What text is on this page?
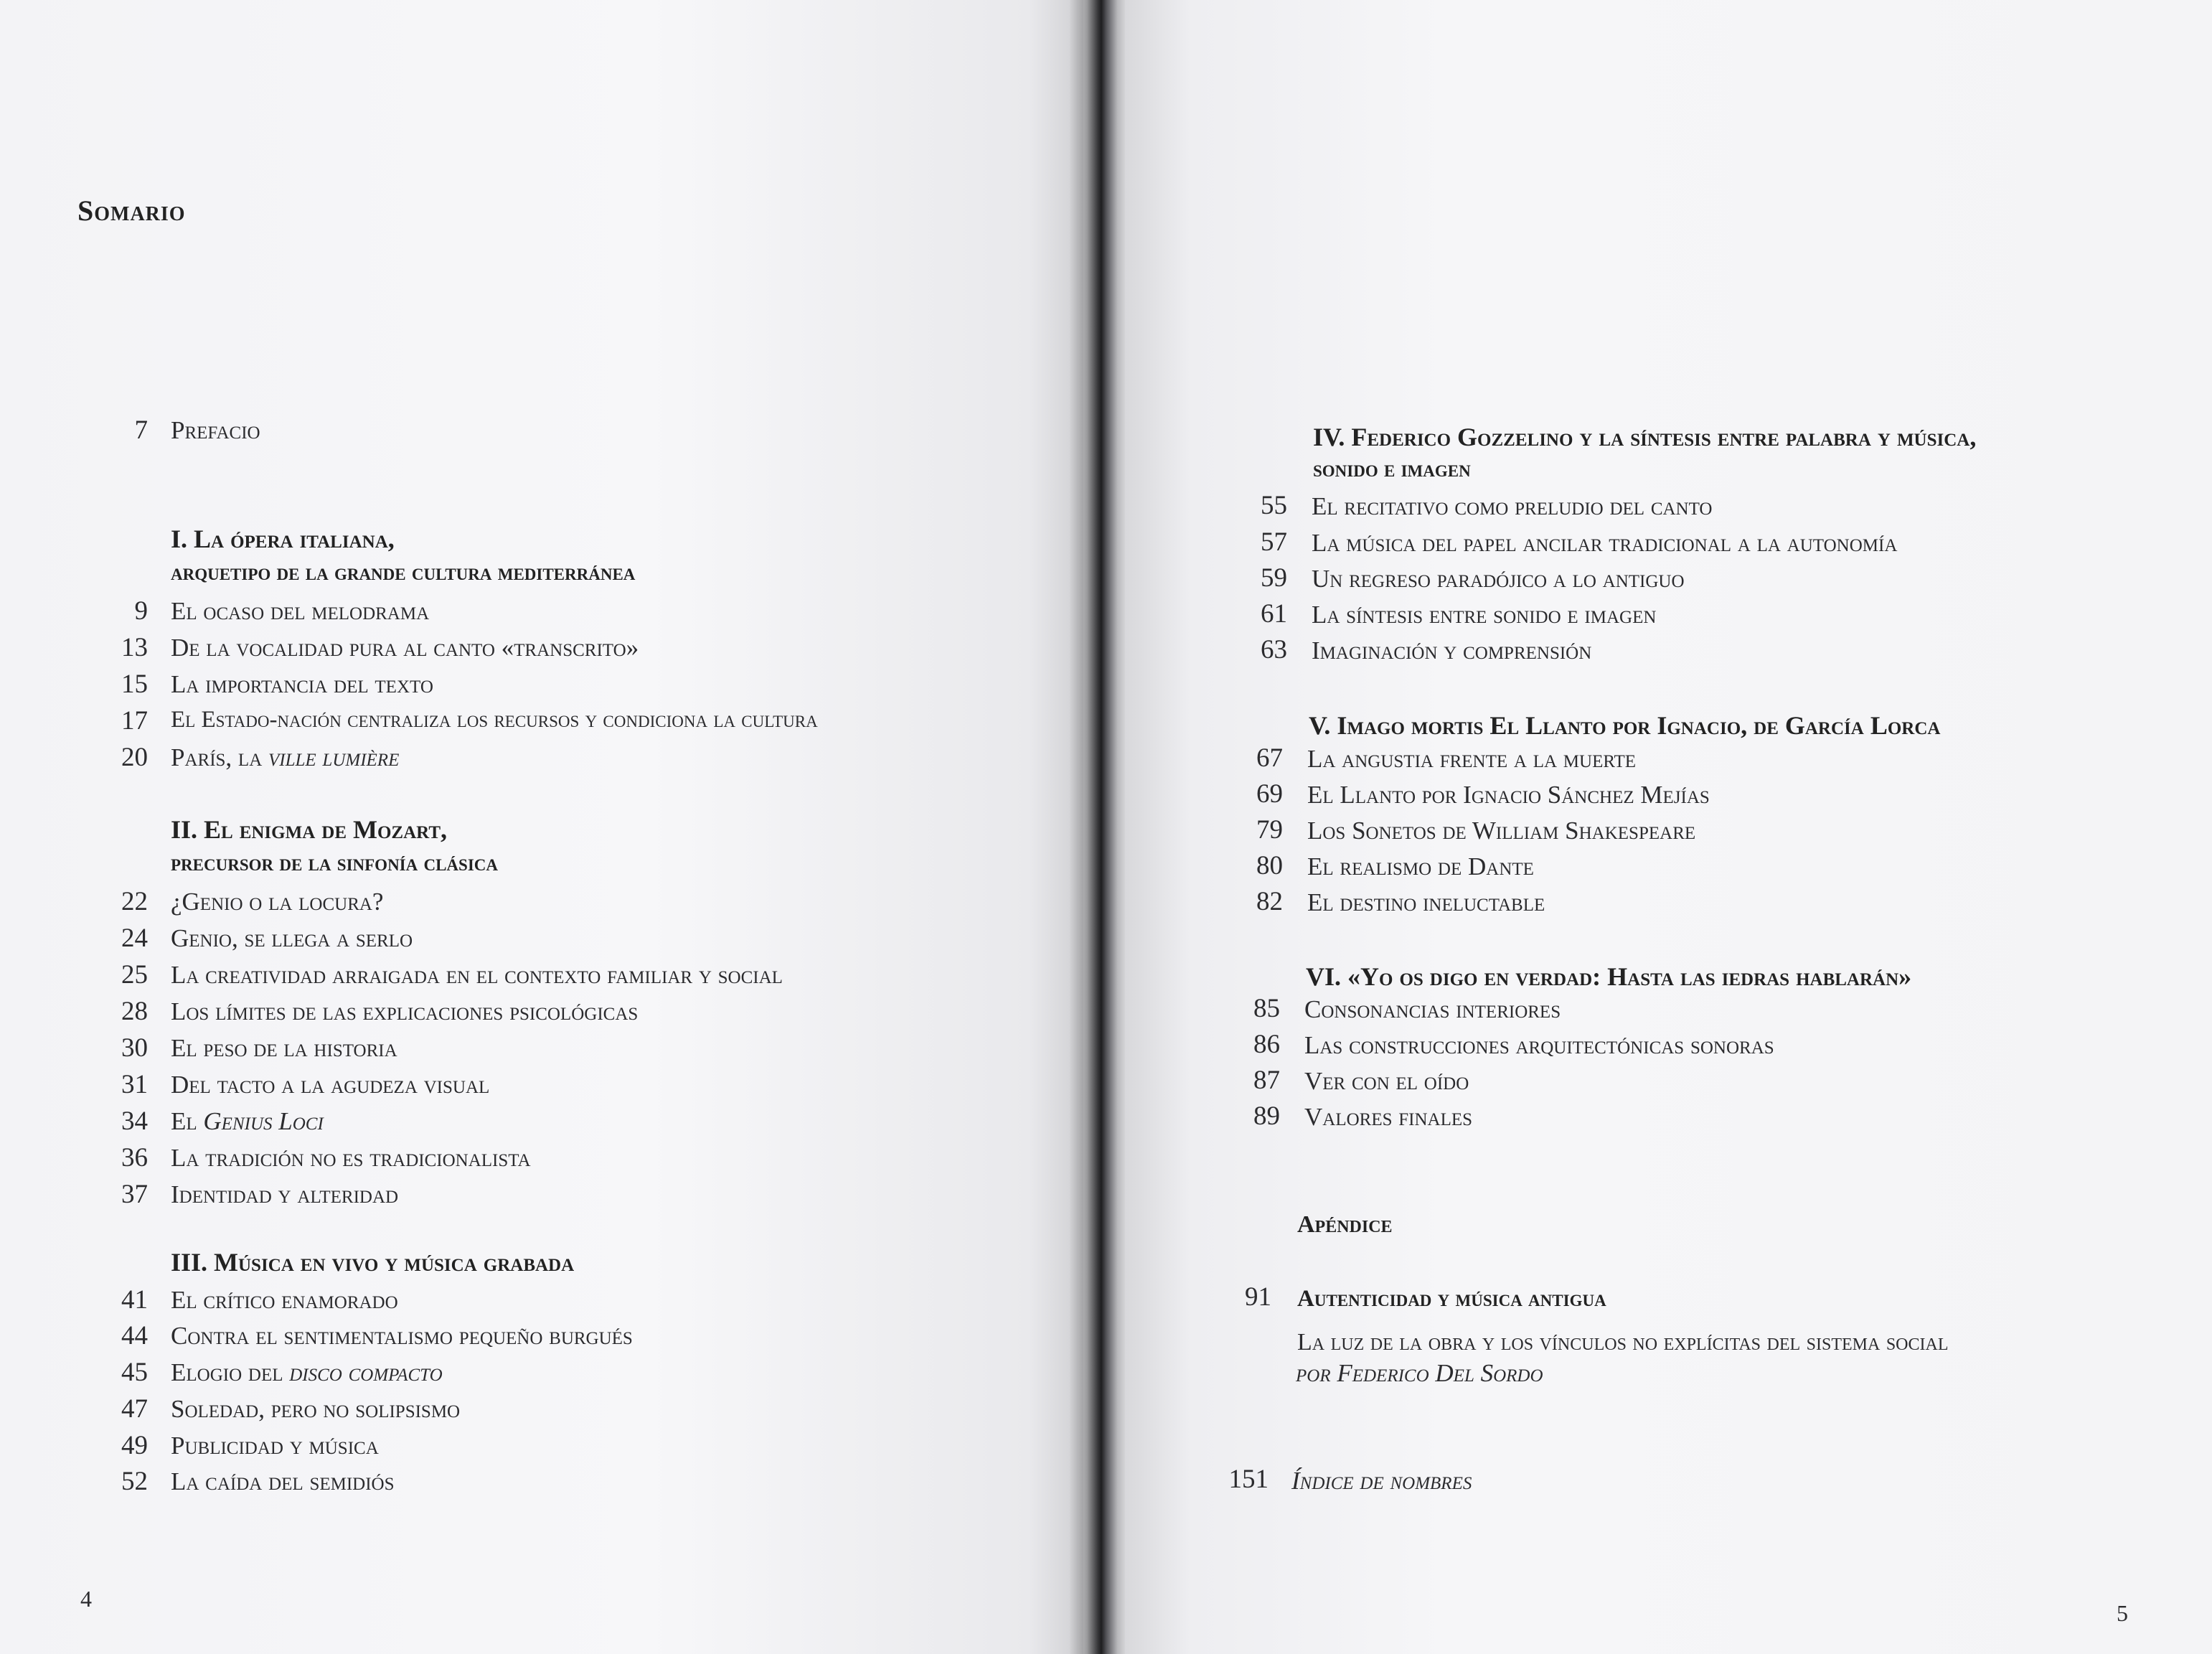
Somario
7 Prefacio
I. La ópera italiana,
arquetipo de la grande cultura mediterránea
9 El ocaso del melodrama
13 De la vocalidad pura al canto «transcrito»
15 La importancia del texto
17 El Estado-nación centraliza los recursos y condiciona la cultura
20 París, la ville lumière
II. El enigma de Mozart,
precursor de la sinfonía clásica
22 ¿Genio o la locura?
24 Genio, se llega a serlo
25 La creatividad arraigada en el contexto familiar y social
28 Los límites de las explicaciones psicológicas
30 El peso de la historia
31 Del tacto a la agudeza visual
34 El Genius Loci
36 La tradición no es tradicionalista
37 Identidad y alteridad
III. Música en vivo y música grabada
41 El crítico enamorado
44 Contra el sentimentalismo pequeño burgués
45 Elogio del disco compacto
47 Soledad, pero no solipsismo
49 Publicidad y música
52 La caída del semidiós
4
IV. Federico Gozzelino y la síntesis entre palabra y música,
sonido e imagen
55 El recitativo como preludio del canto
57 La música del papel ancilar tradicional a la autonomía
59 Un regreso paradójico a lo antiguo
61 La síntesis entre sonido e imagen
63 Imaginación y comprensión
V. Imago mortis El Llanto por Ignacio, de García Lorca
67 La angustia frente a la muerte
69 El Llanto por Ignacio Sánchez Mejías
79 Los Sonetos de William Shakespeare
80 El realismo de Dante
82 El destino ineluctable
VI. «Yo os digo en verdad: Hasta las iedras hablarán»
85 Consonancias interiores
86 Las construcciones arquitectónicas sonoras
87 Ver con el oído
89 Valores finales
Apéndice
91 Autenticidad y música antigua
La luz de la obra y los vínculos no explícitas del sistema social
por Federico Del Sordo
151 Índice de nombres
5
